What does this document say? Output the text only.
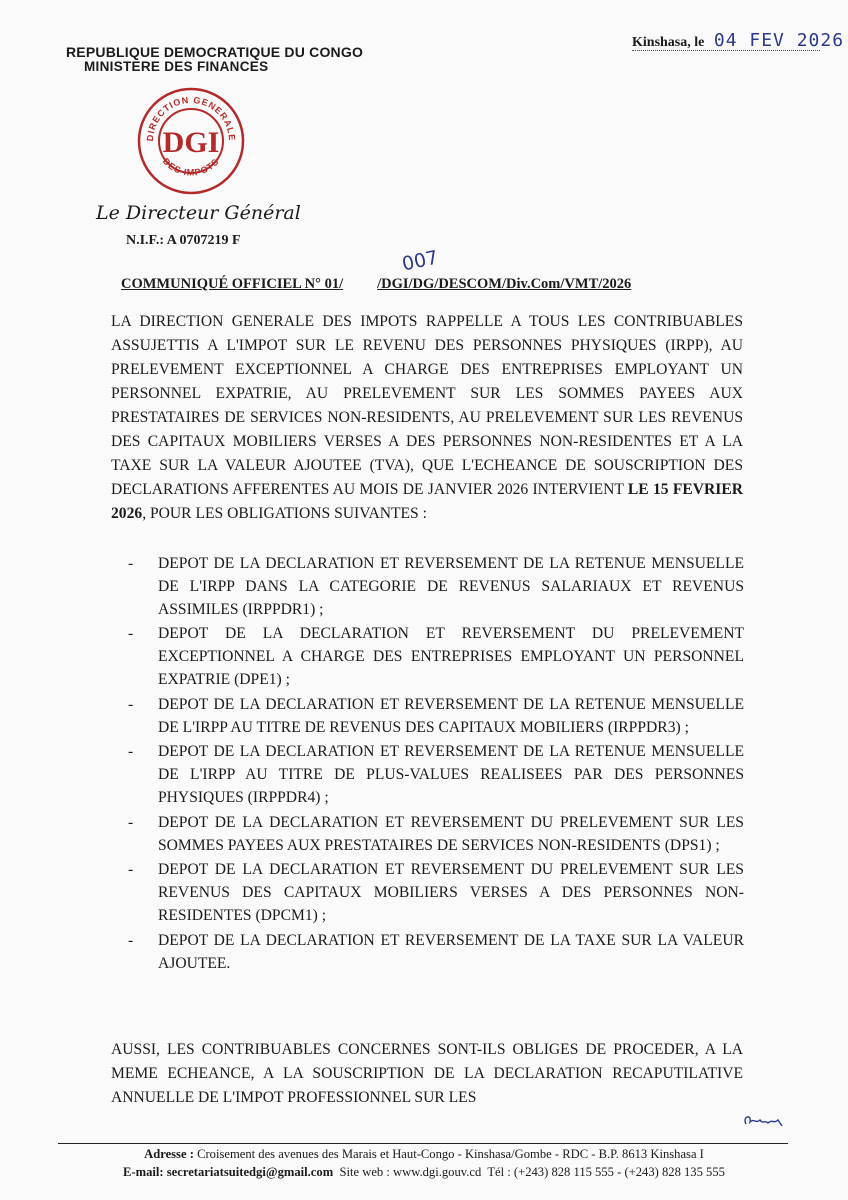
REPUBLIQUE DEMOCRATIQUE DU CONGO
MINISTERE DES FINANCES
Kinshasa, le 04 FEV 2026
DIRECTION GENERALE
DES IMPOTS
DGI
Le Directeur Général
N.I.F.: A 0707219 F
COMMUNIQUÉ OFFICIEL N° 01/ /DGI/DG/DESCOM/Div.Com/VMT/2026
007
LA DIRECTION GENERALE DES IMPOTS RAPPELLE A TOUS LES CONTRIBUABLES ASSUJETTIS A L'IMPOT SUR LE REVENU DES PERSONNES PHYSIQUES (IRPP), AU PRELEVEMENT EXCEPTIONNEL A CHARGE DES ENTREPRISES EMPLOYANT UN PERSONNEL EXPATRIE, AU PRELEVEMENT SUR LES SOMMES PAYEES AUX PRESTATAIRES DE SERVICES NON-RESIDENTS, AU PRELEVEMENT SUR LES REVENUS DES CAPITAUX MOBILIERS VERSES A DES PERSONNES NON-RESIDENTES ET A LA TAXE SUR LA VALEUR AJOUTEE (TVA), QUE L'ECHEANCE DE SOUSCRIPTION DES DECLARATIONS AFFERENTES AU MOIS DE JANVIER 2026 INTERVIENT LE 15 FEVRIER 2026, POUR LES OBLIGATIONS SUIVANTES :
- DEPOT DE LA DECLARATION ET REVERSEMENT DE LA RETENUE MENSUELLE DE L'IRPP DANS LA CATEGORIE DE REVENUS SALARIAUX ET REVENUS ASSIMILES (IRPPDR1) ;
- DEPOT DE LA DECLARATION ET REVERSEMENT DU PRELEVEMENT EXCEPTIONNEL A CHARGE DES ENTREPRISES EMPLOYANT UN PERSONNEL EXPATRIE (DPE1) ;
- DEPOT DE LA DECLARATION ET REVERSEMENT DE LA RETENUE MENSUELLE DE L'IRPP AU TITRE DE REVENUS DES CAPITAUX MOBILIERS (IRPPDR3) ;
- DEPOT DE LA DECLARATION ET REVERSEMENT DE LA RETENUE MENSUELLE DE L'IRPP AU TITRE DE PLUS-VALUES REALISEES PAR DES PERSONNES PHYSIQUES (IRPPDR4) ;
- DEPOT DE LA DECLARATION ET REVERSEMENT DU PRELEVEMENT SUR LES SOMMES PAYEES AUX PRESTATAIRES DE SERVICES NON-RESIDENTS (DPS1) ;
- DEPOT DE LA DECLARATION ET REVERSEMENT DU PRELEVEMENT SUR LES REVENUS DES CAPITAUX MOBILIERS VERSES A DES PERSONNES NON-RESIDENTES (DPCM1) ;
- DEPOT DE LA DECLARATION ET REVERSEMENT DE LA TAXE SUR LA VALEUR AJOUTEE.
AUSSI, LES CONTRIBUABLES CONCERNES SONT-ILS OBLIGES DE PROCEDER, A LA MEME ECHEANCE, A LA SOUSCRIPTION DE LA DECLARATION RECAPUTILATIVE ANNUELLE DE L'IMPOT PROFESSIONNEL SUR LES
Adresse : Croisement des avenues des Marais et Haut-Congo - Kinshasa/Gombe - RDC - B.P. 8613 Kinshasa I
E-mail: secretariatsuitedgi@gmail.com Site web : www.dgi.gouv.cd Tél : (+243) 828 115 555 - (+243) 828 135 555
